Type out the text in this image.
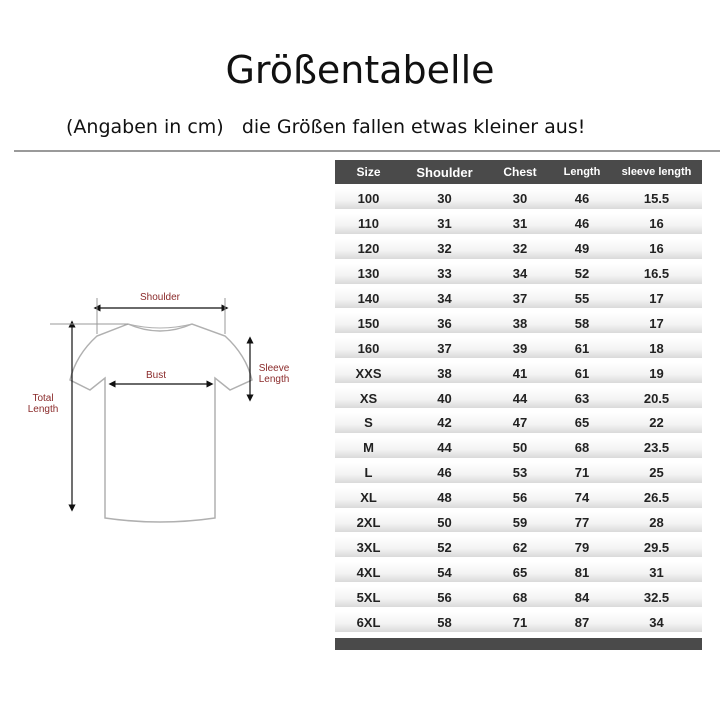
Größentabelle
(Angaben in cm)   die Größen fallen etwas kleiner aus!
Shoulder
Bust
Sleeve
Length
Total
Length
Size	Shoulder	Chest	Length	sleeve length
100	30	30	46	15.5
110	31	31	46	16
120	32	32	49	16
130	33	34	52	16.5
140	34	37	55	17
150	36	38	58	17
160	37	39	61	18
XXS	38	41	61	19
XS	40	44	63	20.5
S	42	47	65	22
M	44	50	68	23.5
L	46	53	71	25
XL	48	56	74	26.5
2XL	50	59	77	28
3XL	52	62	79	29.5
4XL	54	65	81	31
5XL	56	68	84	32.5
6XL	58	71	87	34
